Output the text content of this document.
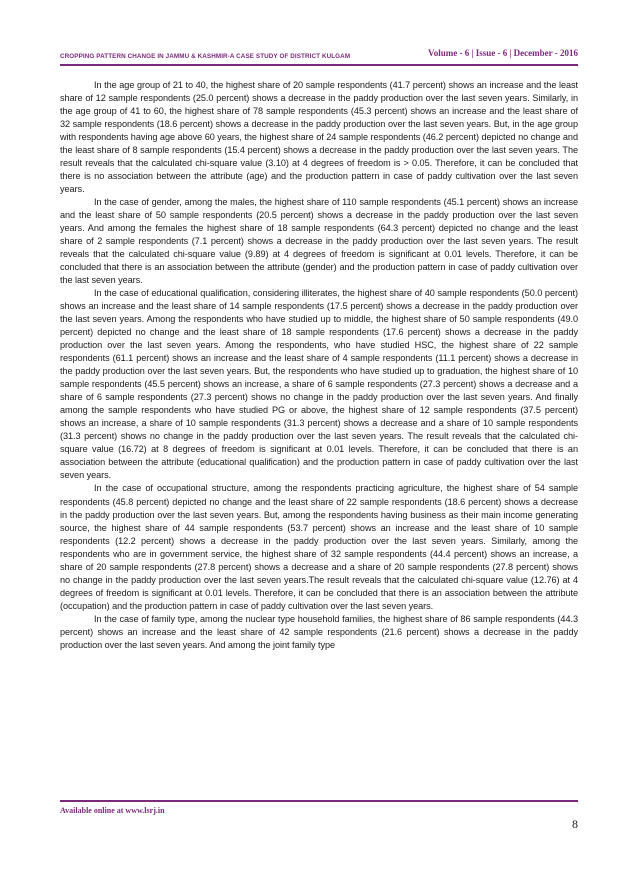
CROPPING PATTERN CHANGE IN JAMMU & KASHMIR-A CASE STUDY OF DISTRICT KULGAM	Volume - 6 | Issue - 6 | December - 2016

In the age group of 21 to 40, the highest share of 20 sample respondents (41.7 percent) shows an increase and the least share of 12 sample respondents (25.0 percent) shows a decrease in the paddy production over the last seven years. Similarly, in the age group of 41 to 60, the highest share of 78 sample respondents (45.3 percent) shows an increase and the least share of 32 sample respondents (18.6 percent) shows a decrease in the paddy production over the last seven years. But, in the age group with respondents having age above 60 years, the highest share of 24 sample respondents (46.2 percent) depicted no change and the least share of 8 sample respondents (15.4 percent) shows a decrease in the paddy production over the last seven years. The result reveals that the calculated chi-square value (3.10) at 4 degrees of freedom is > 0.05. Therefore, it can be concluded that there is no association between the attribute (age) and the production pattern in case of paddy cultivation over the last seven years.

In the case of gender, among the males, the highest share of 110 sample respondents (45.1 percent) shows an increase and the least share of 50 sample respondents (20.5 percent) shows a decrease in the paddy production over the last seven years. And among the females the highest share of 18 sample respondents (64.3 percent) depicted no change and the least share of 2 sample respondents (7.1 percent) shows a decrease in the paddy production over the last seven years. The result reveals that the calculated chi-square value (9.89) at 4 degrees of freedom is significant at 0.01 levels. Therefore, it can be concluded that there is an association between the attribute (gender) and the production pattern in case of paddy cultivation over the last seven years.

In the case of educational qualification, considering illiterates, the highest share of 40 sample respondents (50.0 percent) shows an increase and the least share of 14 sample respondents (17.5 percent) shows a decrease in the paddy production over the last seven years. Among the respondents who have studied up to middle, the highest share of 50 sample respondents (49.0 percent) depicted no change and the least share of 18 sample respondents (17.6 percent) shows a decrease in the paddy production over the last seven years. Among the respondents, who have studied HSC, the highest share of 22 sample respondents (61.1 percent) shows an increase and the least share of 4 sample respondents (11.1 percent) shows a decrease in the paddy production over the last seven years. But, the respondents who have studied up to graduation, the highest share of 10 sample respondents (45.5 percent) shows an increase, a share of 6 sample respondents (27.3 percent) shows a decrease and a share of 6 sample respondents (27.3 percent) shows no change in the paddy production over the last seven years. And finally among the sample respondents who have studied PG or above, the highest share of 12 sample respondents (37.5 percent) shows an increase, a share of 10 sample respondents (31.3 percent) shows a decrease and a share of 10 sample respondents (31.3 percent) shows no change in the paddy production over the last seven years. The result reveals that the calculated chi-square value (16.72) at 8 degrees of freedom is significant at 0.01 levels. Therefore, it can be concluded that there is an association between the attribute (educational qualification) and the production pattern in case of paddy cultivation over the last seven years.

In the case of occupational structure, among the respondents practicing agriculture, the highest share of 54 sample respondents (45.8 percent) depicted no change and the least share of 22 sample respondents (18.6 percent) shows a decrease in the paddy production over the last seven years. But, among the respondents having business as their main income generating source, the highest share of 44 sample respondents (53.7 percent) shows an increase and the least share of 10 sample respondents (12.2 percent) shows a decrease in the paddy production over the last seven years. Similarly, among the respondents who are in government service, the highest share of 32 sample respondents (44.4 percent) shows an increase, a share of 20 sample respondents (27.8 percent) shows a decrease and a share of 20 sample respondents (27.8 percent) shows no change in the paddy production over the last seven years.The result reveals that the calculated chi-square value (12.76) at 4 degrees of freedom is significant at 0.01 levels. Therefore, it can be concluded that there is an association between the attribute (occupation) and the production pattern in case of paddy cultivation over the last seven years.

In the case of family type, among the nuclear type household families, the highest share of 86 sample respondents (44.3 percent) shows an increase and the least share of 42 sample respondents (21.6 percent) shows a decrease in the paddy production over the last seven years. And among the joint family type

Available online at www.lsrj.in
8
